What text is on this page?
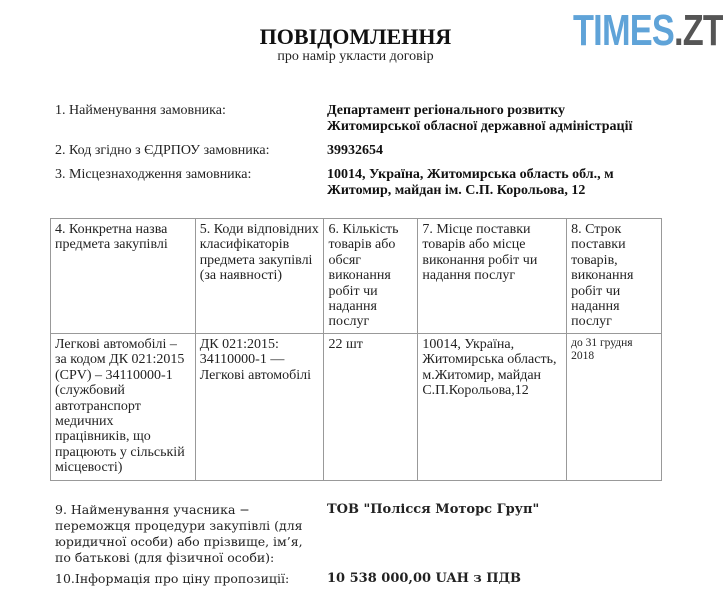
TIMES.ZT
ПОВІДОМЛЕННЯ
про намір укласти договір
1. Найменування замовника:	Департамент регіонального розвитку
Житомирської обласної державної адміністрації
2. Код згідно з ЄДРПОУ замовника:	39932654
3. Місцезнаходження замовника:	10014, Україна, Житомирська область обл., м
Житомир, майдан ім. С.П. Корольова, 12
4. Конкретна назва предмета закупівлі	5. Коди відповідних класифікаторів предмета закупівлі (за наявності)	6. Кількість товарів або обсяг виконання робіт чи надання послуг	7. Місце поставки товарів або місце виконання робіт чи надання послуг	8. Строк поставки товарів, виконання робіт чи надання послуг
Легкові автомобілі – за кодом ДК 021:2015 (CPV) – 34110000-1 (службовий автотранспорт медичних працівників, що працюють у сільській місцевості)	ДК 021:2015: 34110000-1 — Легкові автомобілі	22 шт	10014, Україна, Житомирська область, м.Житомир, майдан С.П.Корольова,12	до 31 грудня 2018
9. Найменування учасника − переможця процедури закупівлі (для юридичної особи) або прізвище, ім’я, по батькові (для фізичної особи):
ТОВ "Полісся Моторс Груп"
10.Інформація про ціну пропозиції:	10 538 000,00 UAH з ПДВ
